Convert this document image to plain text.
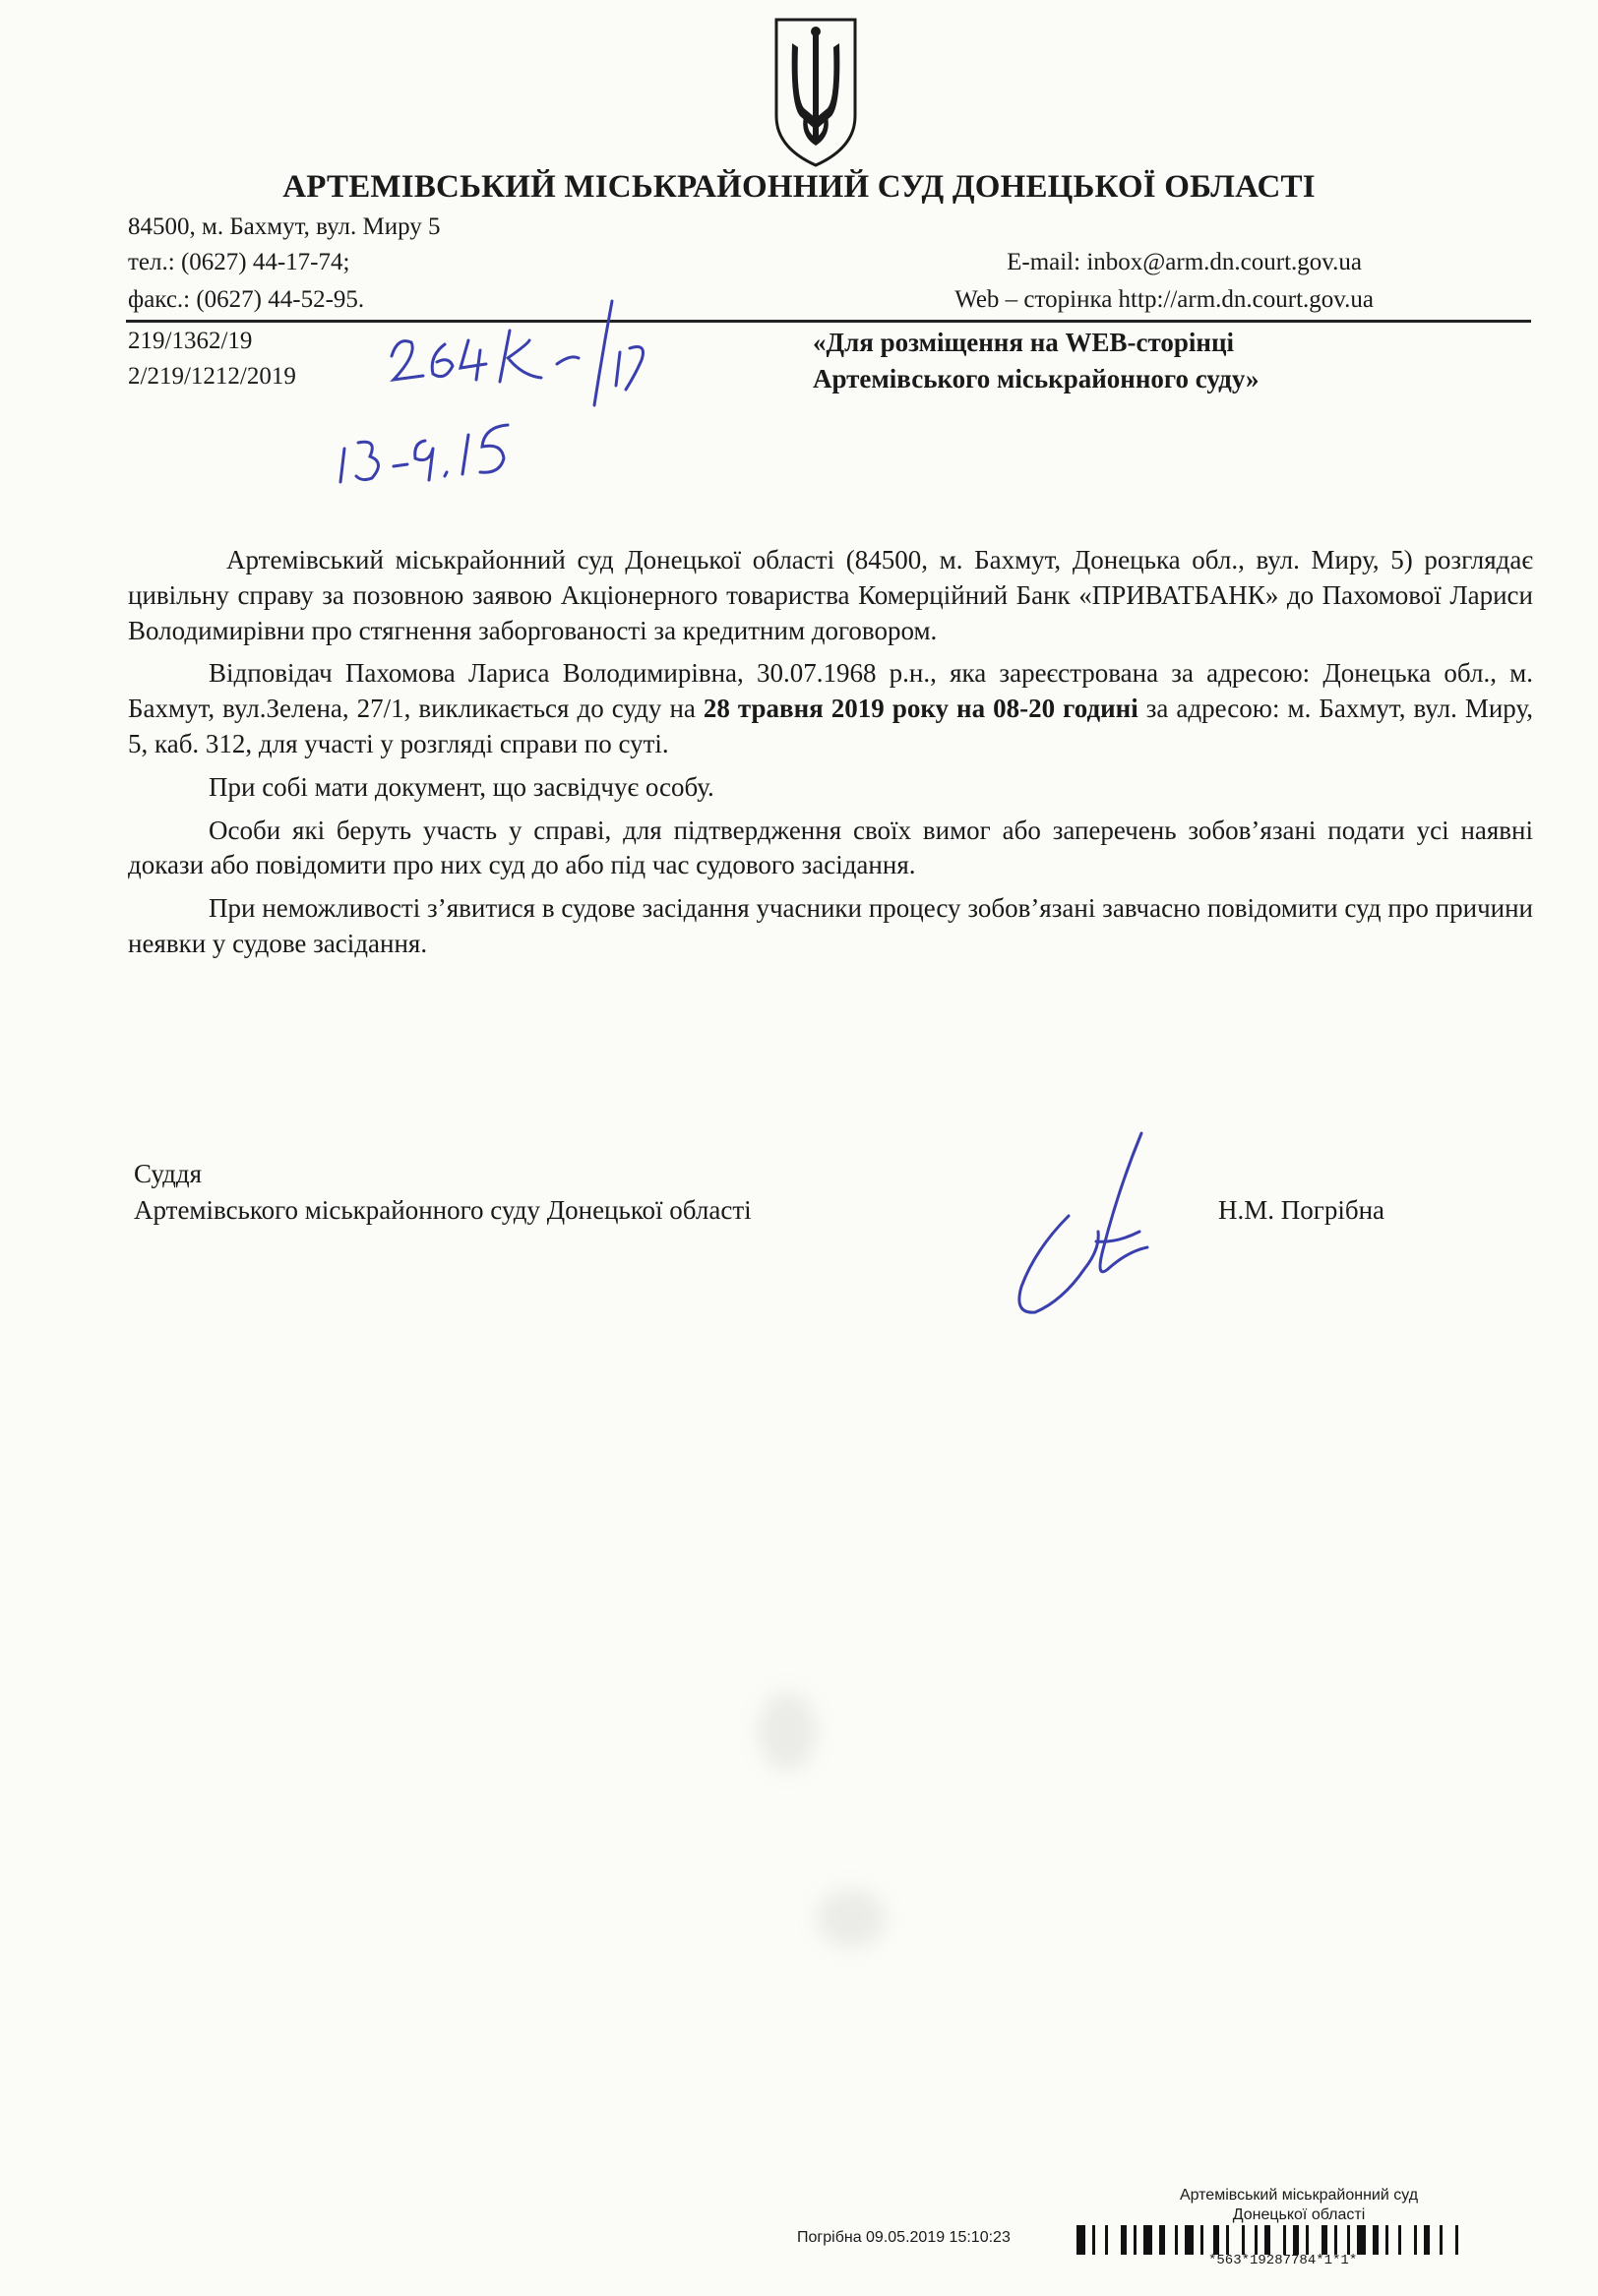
АРТЕМІВСЬКИЙ МІСЬКРАЙОННИЙ СУД ДОНЕЦЬКОЇ ОБЛАСТІ
84500, м. Бахмут, вул. Миру 5
тел.: (0627) 44-17-74;
факс.: (0627) 44-52-95.
E-mail: inbox@arm.dn.court.gov.ua
Web – сторінка http://arm.dn.court.gov.ua
219/1362/19
2/219/1212/2019
«Для розміщення на WEB-сторінці
Артемівського міськрайонного суду»

Артемівський міськрайонний суд Донецької області (84500, м. Бахмут, Донецька обл., вул. Миру, 5) розглядає цивільну справу за позовною заявою Акціонерного товариства Комерційний Банк «ПРИВАТБАНК» до Пахомової Лариси Володимирівни про стягнення заборгованості за кредитним договором.

Відповідач Пахомова Лариса Володимирівна, 30.07.1968 р.н., яка зареєстрована за адресою: Донецька обл., м. Бахмут, вул.Зелена, 27/1, викликається до суду на 28 травня 2019 року на 08-20 годині за адресою: м. Бахмут, вул. Миру, 5, каб. 312, для участі у розгляді справи по суті.

При собі мати документ, що засвідчує особу.

Особи які беруть участь у справі, для підтвердження своїх вимог або заперечень зобов’язані подати усі наявні докази або повідомити про них суд до або під час судового засідання.

При неможливості з’явитися в судове засідання учасники процесу зобов’язані завчасно повідомити суд про причини неявки у судове засідання.

Суддя
Артемівського міськрайонного суду Донецької області	Н.М. Погрібна
Артемівський міськрайонний суд
Донецької області
Погрібна 09.05.2019 15:10:23
*563*19287784*1*1*
